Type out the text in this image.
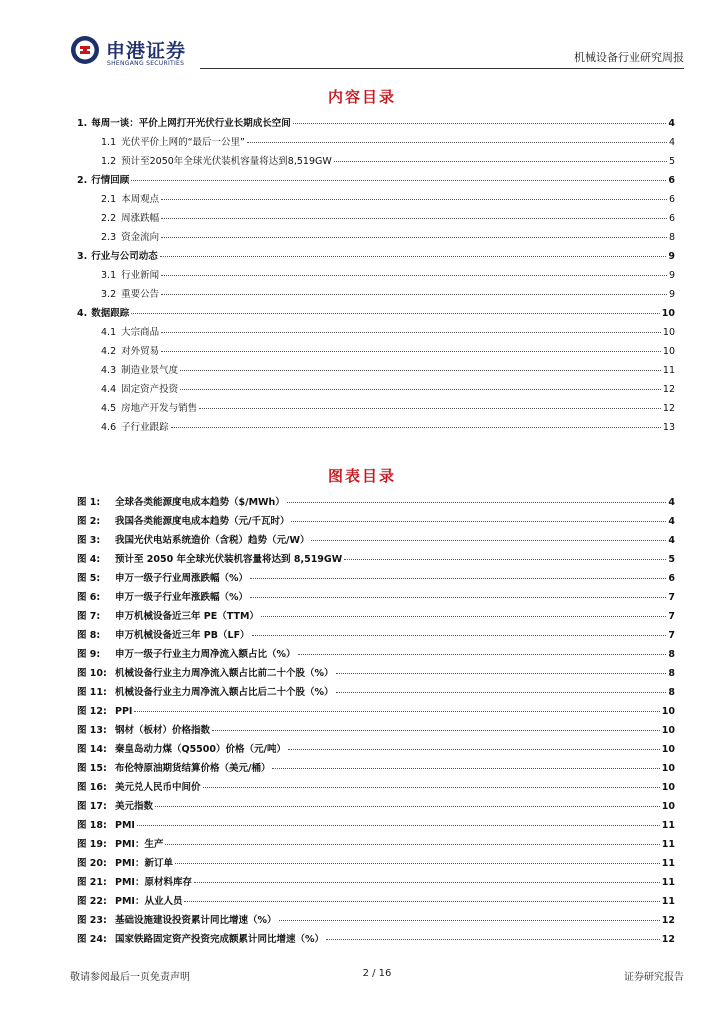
申港证券
SHENGANG SECURITIES	机械设备行业研究周报
内容目录
1. 每周一谈：平价上网打开光伏行业长期成长空间	4
1.1 光伏平价上网的“最后一公里”	4
1.2 预计至2050年全球光伏装机容量将达到8,519GW	5
2. 行情回顾	6
2.1 本周观点	6
2.2 周涨跌幅	6
2.3 资金流向	8
3. 行业与公司动态	9
3.1 行业新闻	9
3.2 重要公告	9
4. 数据跟踪	10
4.1 大宗商品	10
4.2 对外贸易	10
4.3 制造业景气度	11
4.4 固定资产投资	12
4.5 房地产开发与销售	12
4.6 子行业跟踪	13
图表目录
图 1:	全球各类能源度电成本趋势（$/MWh）	4
图 2:	我国各类能源度电成本趋势（元/千瓦时）	4
图 3:	我国光伏电站系统造价（含税）趋势（元/W）	4
图 4:	预计至 2050 年全球光伏装机容量将达到 8,519GW	5
图 5:	申万一级子行业周涨跌幅（%）	6
图 6:	申万一级子行业年涨跌幅（%）	7
图 7:	申万机械设备近三年 PE（TTM）	7
图 8:	申万机械设备近三年 PB（LF）	7
图 9:	申万一级子行业主力周净流入额占比（%）	8
图 10: 机械设备行业主力周净流入额占比前二十个股（%）	8
图 11: 机械设备行业主力周净流入额占比后二十个股（%）	8
图 12: PPI	10
图 13: 钢材（板材）价格指数	10
图 14: 秦皇岛动力煤（Q5500）价格（元/吨）	10
图 15: 布伦特原油期货结算价格（美元/桶）	10
图 16: 美元兑人民币中间价	10
图 17: 美元指数	10
图 18: PMI	11
图 19: PMI：生产	11
图 20: PMI：新订单	11
图 21: PMI：原材料库存	11
图 22: PMI：从业人员	11
图 23: 基础设施建设投资累计同比增速（%）	12
图 24: 国家铁路固定资产投资完成额累计同比增速（%）	12
敬请参阅最后一页免责声明	2 / 16	证券研究报告
